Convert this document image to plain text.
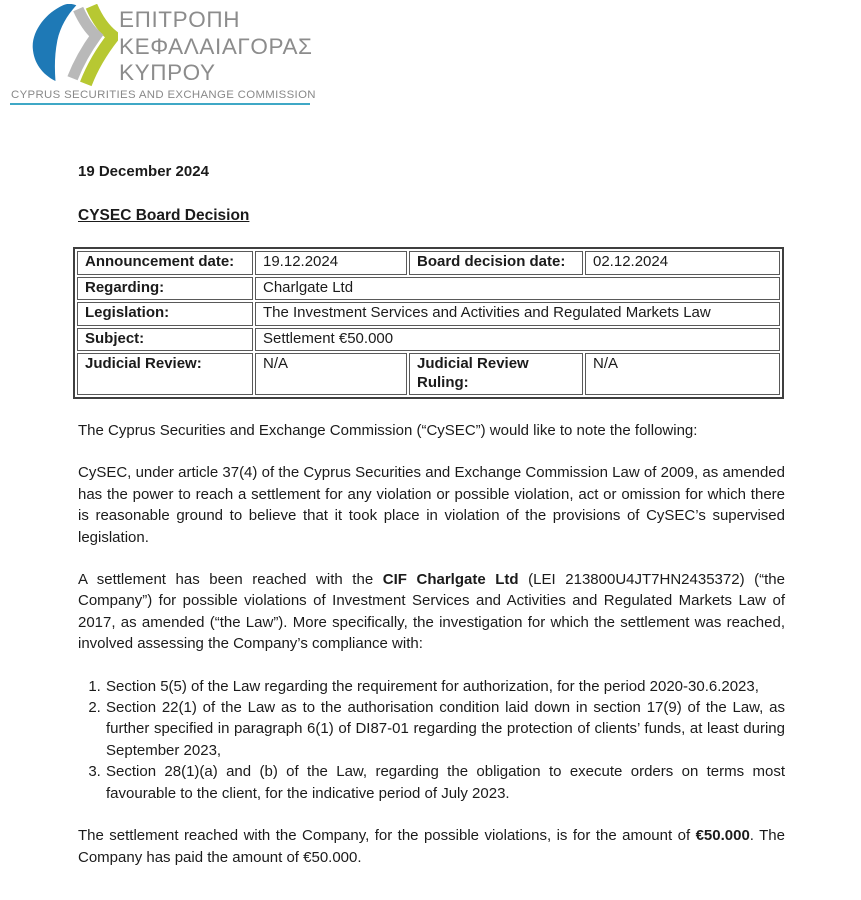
ΕΠΙΤΡΟΠΗ
ΚΕΦΑΛΑΙΑΓΟΡΑΣ
ΚΥΠΡΟΥ
CYPRUS SECURITIES AND EXCHANGE COMMISSION

19 December 2024

CYSEC Board Decision
Announcement date:	19.12.2024	Board decision date:	02.12.2024
Regarding:	Charlgate Ltd		
Legislation:	The Investment Services and Activities and Regulated Markets Law		
Subject:	Settlement €50.000		
Judicial Review:	N/A	Judicial Review Ruling:	N/A

The Cyprus Securities and Exchange Commission (“CySEC”) would like to note the following:

CySEC, under article 37(4) of the Cyprus Securities and Exchange Commission Law of 2009, as amended has the power to reach a settlement for any violation or possible violation, act or omission for which there is reasonable ground to believe that it took place in violation of the provisions of CySEC’s supervised legislation.

A settlement has been reached with the CIF Charlgate Ltd (LEI 213800U4JT7HN2435372) (“the Company”) for possible violations of Investment Services and Activities and Regulated Markets Law of 2017, as amended (“the Law”). More specifically, the investigation for which the settlement was reached, involved assessing the Company’s compliance with:

1. Section 5(5) of the Law regarding the requirement for authorization, for the period 2020-30.6.2023,
2. Section 22(1) of the Law as to the authorisation condition laid down in section 17(9) of the Law, as further specified in paragraph 6(1) of DI87-01 regarding the protection of clients’ funds, at least during September 2023,
3. Section 28(1)(a) and (b) of the Law, regarding the obligation to execute orders on terms most favourable to the client, for the indicative period of July 2023.

The settlement reached with the Company, for the possible violations, is for the amount of €50.000. The Company has paid the amount of €50.000.
